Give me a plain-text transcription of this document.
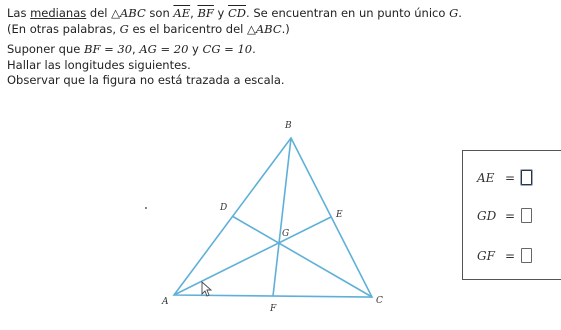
Las medianas del △ABC son $\overline{AE}$, $\overline{BF}$ y $\overline{CD}$. Se encuentran en un punto único G.
(En otras palabras, G es el baricentro del △ABC.)
Suponer que BF = 30, AG = 20 y CG = 10.
Hallar las longitudes siguientes.
Observar que la figura no está trazada a escala.
B
D
E
G
A
F
C
AE =
GD =
GF =
